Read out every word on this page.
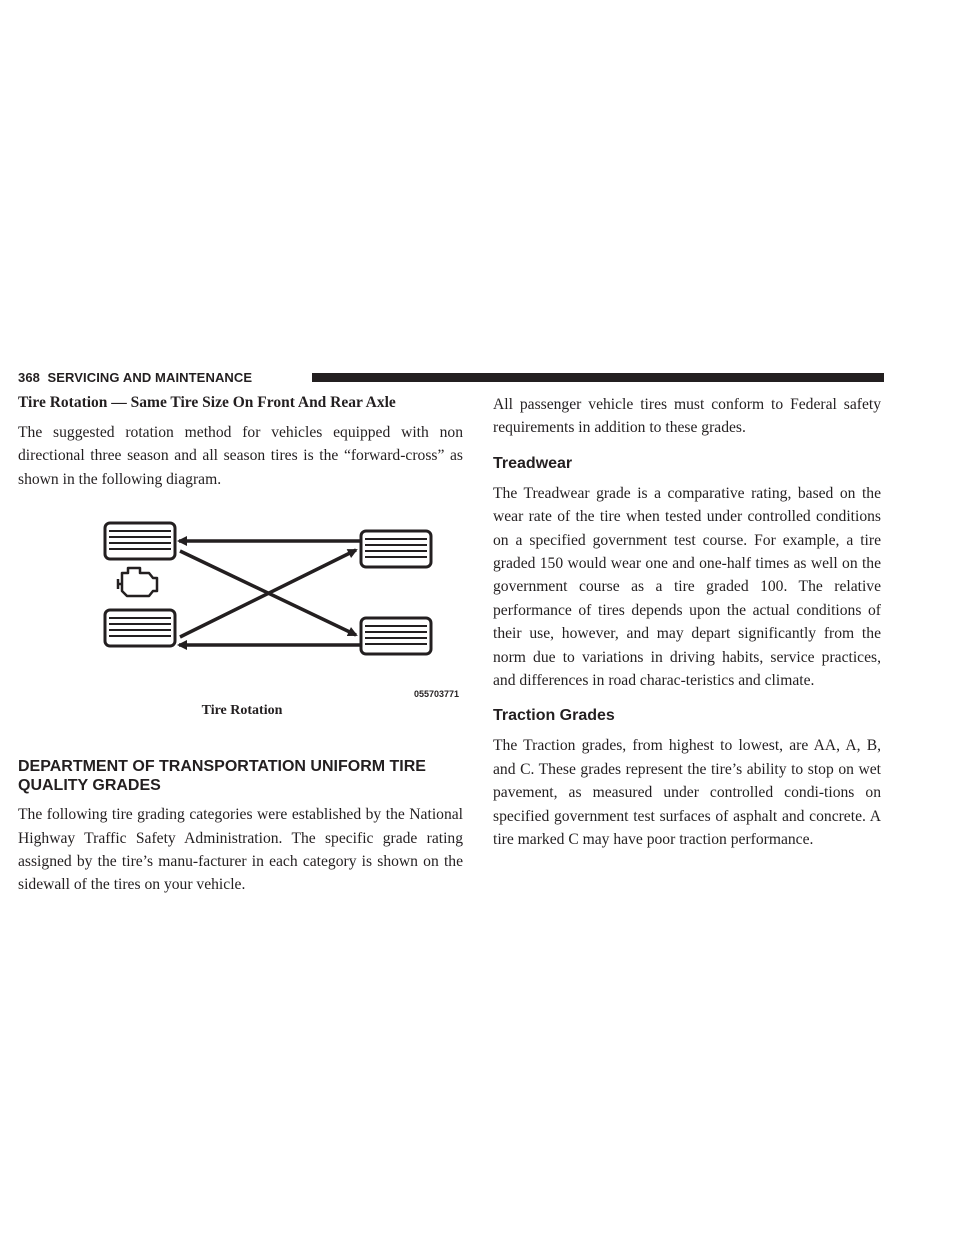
368 SERVICING AND MAINTENANCE
Tire Rotation — Same Tire Size On Front And Rear Axle

The suggested rotation method for vehicles equipped with non directional three season and all season tires is the “forward-cross” as shown in the following diagram.

055703771
Tire Rotation
DEPARTMENT OF TRANSPORTATION UNIFORM TIRE QUALITY GRADES

The following tire grading categories were established by the National Highway Traffic Safety Administration. The specific grade rating assigned by the tire’s manu-facturer in each category is shown on the sidewall of the tires on your vehicle.

All passenger vehicle tires must conform to Federal safety requirements in addition to these grades.

Treadwear

The Treadwear grade is a comparative rating, based on the wear rate of the tire when tested under controlled conditions on a specified government test course. For example, a tire graded 150 would wear one and one-half times as well on the government course as a tire graded 100. The relative performance of tires depends upon the actual conditions of their use, however, and may depart significantly from the norm due to variations in driving habits, service practices, and differences in road charac-teristics and climate.

Traction Grades

The Traction grades, from highest to lowest, are AA, A, B, and C. These grades represent the tire’s ability to stop on wet pavement, as measured under controlled condi-tions on specified government test surfaces of asphalt and concrete. A tire marked C may have poor traction performance.
